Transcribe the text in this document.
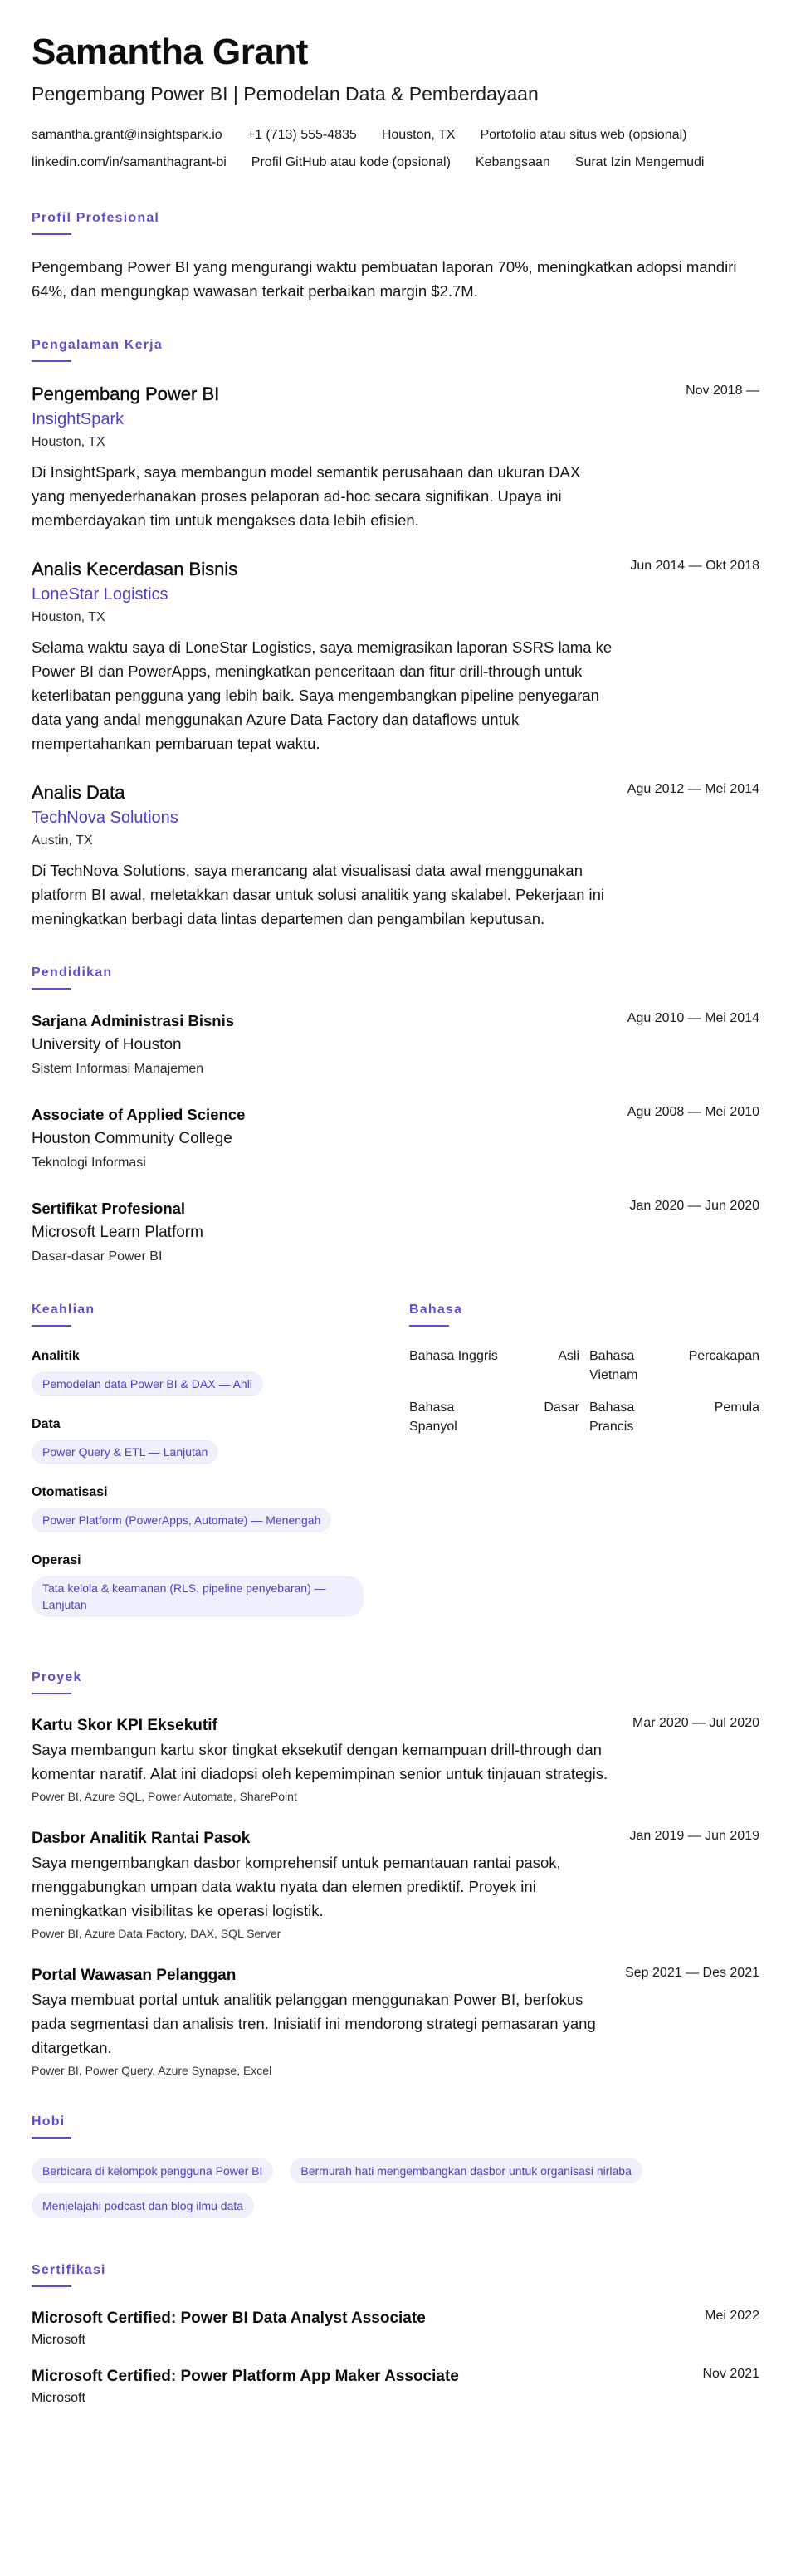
Samantha Grant
Pengembang Power BI | Pemodelan Data & Pemberdayaan
samantha.grant@insightspark.io +1 (713) 555-4835 Houston, TX Portofolio atau situs web (opsional)
linkedin.com/in/samanthagrant-bi Profil GitHub atau kode (opsional) Kebangsaan Surat Izin Mengemudi
Profil Profesional
Pengembang Power BI yang mengurangi waktu pembuatan laporan 70%, meningkatkan adopsi mandiri 64%, dan mengungkap wawasan terkait perbaikan margin $2.7M.
Pengalaman Kerja
Nov 2018 —
Pengembang Power BI
InsightSpark
Houston, TX
Di InsightSpark, saya membangun model semantik perusahaan dan ukuran DAX yang menyederhanakan proses pelaporan ad-hoc secara signifikan. Upaya ini memberdayakan tim untuk mengakses data lebih efisien.
Jun 2014 — Okt 2018
Analis Kecerdasan Bisnis
LoneStar Logistics
Houston, TX
Selama waktu saya di LoneStar Logistics, saya memigrasikan laporan SSRS lama ke Power BI dan PowerApps, meningkatkan penceritaan dan fitur drill-through untuk keterlibatan pengguna yang lebih baik. Saya mengembangkan pipeline penyegaran data yang andal menggunakan Azure Data Factory dan dataflows untuk mempertahankan pembaruan tepat waktu.
Agu 2012 — Mei 2014
Analis Data
TechNova Solutions
Austin, TX
Di TechNova Solutions, saya merancang alat visualisasi data awal menggunakan platform BI awal, meletakkan dasar untuk solusi analitik yang skalabel. Pekerjaan ini meningkatkan berbagi data lintas departemen dan pengambilan keputusan.
Pendidikan
Agu 2010 — Mei 2014
Sarjana Administrasi Bisnis
University of Houston
Sistem Informasi Manajemen
Agu 2008 — Mei 2010
Associate of Applied Science
Houston Community College
Teknologi Informasi
Jan 2020 — Jun 2020
Sertifikat Profesional
Microsoft Learn Platform
Dasar-dasar Power BI
Keahlian
Analitik
Pemodelan data Power BI & DAX — Ahli
Data
Power Query & ETL — Lanjutan
Otomatisasi
Power Platform (PowerApps, Automate) — Menengah
Operasi
Tata kelola & keamanan (RLS, pipeline penyebaran) — Lanjutan
Bahasa
Bahasa Inggris	Asli Bahasa Vietnam
Percakapan
Bahasa Spanyol
Dasar Bahasa Prancis
Pemula
Proyek
Mar 2020 — Jul 2020
Kartu Skor KPI Eksekutif
Saya membangun kartu skor tingkat eksekutif dengan kemampuan drill-through dan komentar naratif. Alat ini diadopsi oleh kepemimpinan senior untuk tinjauan strategis.
Power BI, Azure SQL, Power Automate, SharePoint
Jan 2019 — Jun 2019
Dasbor Analitik Rantai Pasok
Saya mengembangkan dasbor komprehensif untuk pemantauan rantai pasok, menggabungkan umpan data waktu nyata dan elemen prediktif. Proyek ini meningkatkan visibilitas ke operasi logistik.
Power BI, Azure Data Factory, DAX, SQL Server
Sep 2021 — Des 2021
Portal Wawasan Pelanggan
Saya membuat portal untuk analitik pelanggan menggunakan Power BI, berfokus pada segmentasi dan analisis tren. Inisiatif ini mendorong strategi pemasaran yang ditargetkan.
Power BI, Power Query, Azure Synapse, Excel
Hobi
Berbicara di kelompok pengguna Power BI	Bermurah hati mengembangkan dasbor untuk organisasi nirlaba
Menjelajahi podcast dan blog ilmu data
Sertifikasi
Mei 2022
Microsoft Certified: Power BI Data Analyst Associate
Microsoft
Nov 2021
Microsoft Certified: Power Platform App Maker Associate
Microsoft
